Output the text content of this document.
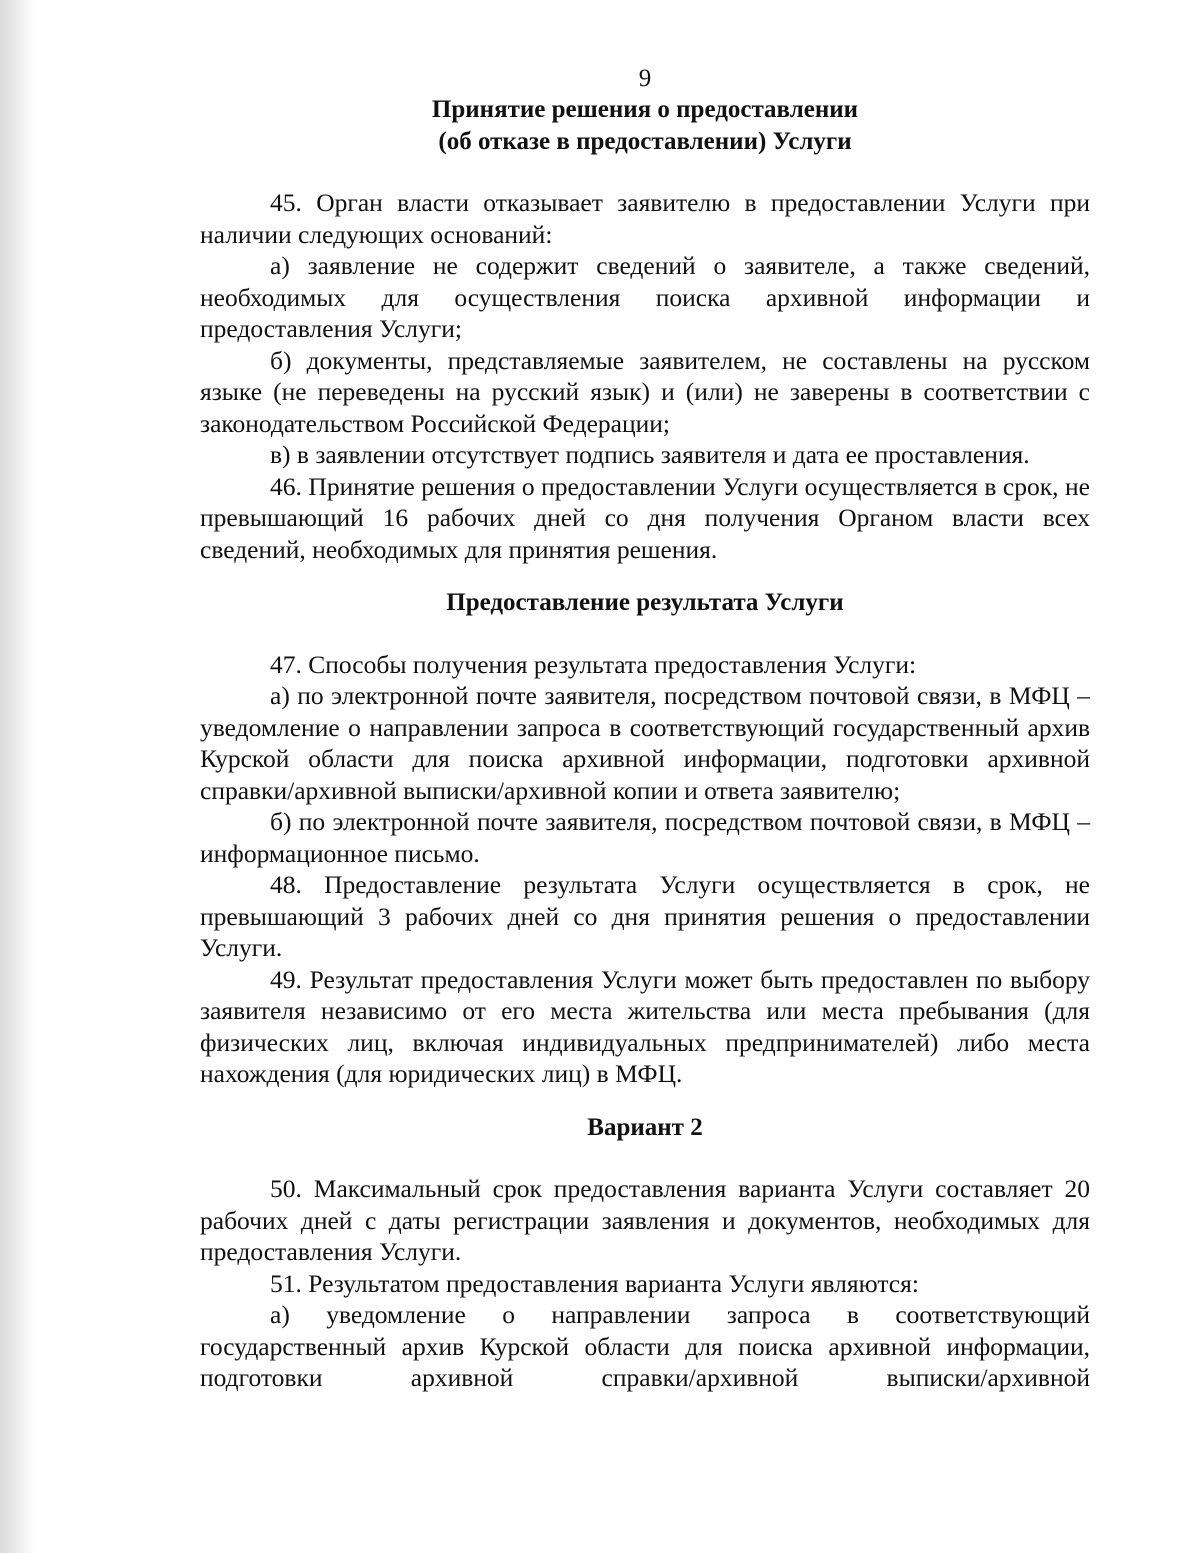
9
Принятие решения о предоставлении
(об отказе в предоставлении) Услуги

45. Орган власти отказывает заявителю в предоставлении Услуги при наличии следующих оснований:

а) заявление не содержит сведений о заявителе, а также сведений, необходимых для осуществления поиска архивной информации и предоставления Услуги;

б) документы, представляемые заявителем, не составлены на русском языке (не переведены на русский язык) и (или) не заверены в соответствии с законодательством Российской Федерации;

в) в заявлении отсутствует подпись заявителя и дата ее проставления.

46. Принятие решения о предоставлении Услуги осуществляется в срок, не превышающий 16 рабочих дней со дня получения Органом власти всех сведений, необходимых для принятия решения.

Предоставление результата Услуги

47. Способы получения результата предоставления Услуги:

а) по электронной почте заявителя, посредством почтовой связи, в МФЦ – уведомление о направлении запроса в соответствующий государственный архив Курской области для поиска архивной информации, подготовки архивной справки/архивной выписки/архивной копии и ответа заявителю;

б) по электронной почте заявителя, посредством почтовой связи, в МФЦ – информационное письмо.

48. Предоставление результата Услуги осуществляется в срок, не превышающий 3 рабочих дней со дня принятия решения о предоставлении Услуги.

49. Результат предоставления Услуги может быть предоставлен по выбору заявителя независимо от его места жительства или места пребывания (для физических лиц, включая индивидуальных предпринимателей) либо места нахождения (для юридических лиц) в МФЦ.

Вариант 2

50. Максимальный срок предоставления варианта Услуги составляет 20 рабочих дней с даты регистрации заявления и документов, необходимых для предоставления Услуги.

51. Результатом предоставления варианта Услуги являются:

а) уведомление о направлении запроса в соответствующий государственный архив Курской области для поиска архивной информации, подготовки архивной справки/архивной выписки/архивной
